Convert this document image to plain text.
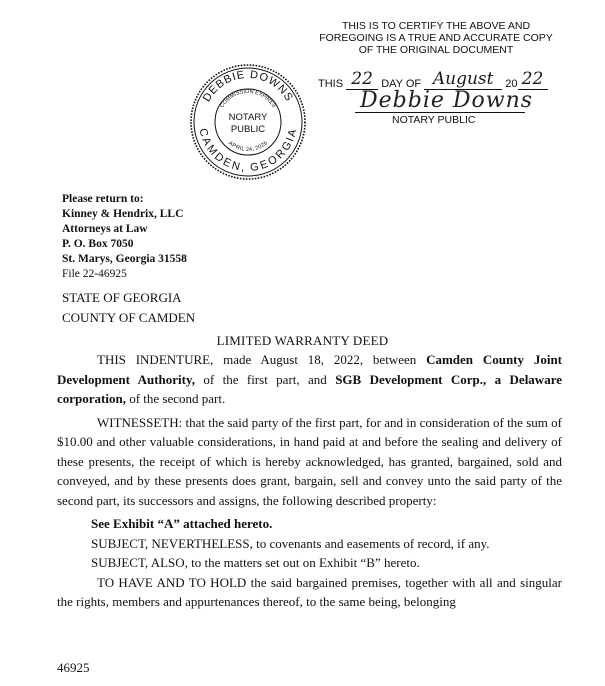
THIS IS TO CERTIFY THE ABOVE AND FOREGOING IS A TRUE AND ACCURATE COPY OF THE ORIGINAL DOCUMENT
THIS 22 DAY OF August 20 22
Debbie Downs
NOTARY PUBLIC
DEBBIE DOWNS
CAMDEN, GEORGIA
COMMISSION EXPIRES
APRIL 24, 2026
NOTARY
PUBLIC
Please return to:
Kinney & Hendrix, LLC
Attorneys at Law
P. O. Box 7050
St. Marys, Georgia 31558
File 22-46925
STATE OF GEORGIA
COUNTY OF CAMDEN
LIMITED WARRANTY DEED

THIS INDENTURE, made August 18, 2022, between Camden County Joint Development Authority, of the first part, and SGB Development Corp., a Delaware corporation, of the second part.

WITNESSETH: that the said party of the first part, for and in consideration of the sum of $10.00 and other valuable considerations, in hand paid at and before the sealing and delivery of these presents, the receipt of which is hereby acknowledged, has granted, bargained, sold and conveyed, and by these presents does grant, bargain, sell and convey unto the said party of the second part, its successors and assigns, the following described property:

See Exhibit “A” attached hereto.

SUBJECT, NEVERTHELESS, to covenants and easements of record, if any.

SUBJECT, ALSO, to the matters set out on Exhibit “B” hereto.

TO HAVE AND TO HOLD the said bargained premises, together with all and singular the rights, members and appurtenances thereof, to the same being, belonging

46925
